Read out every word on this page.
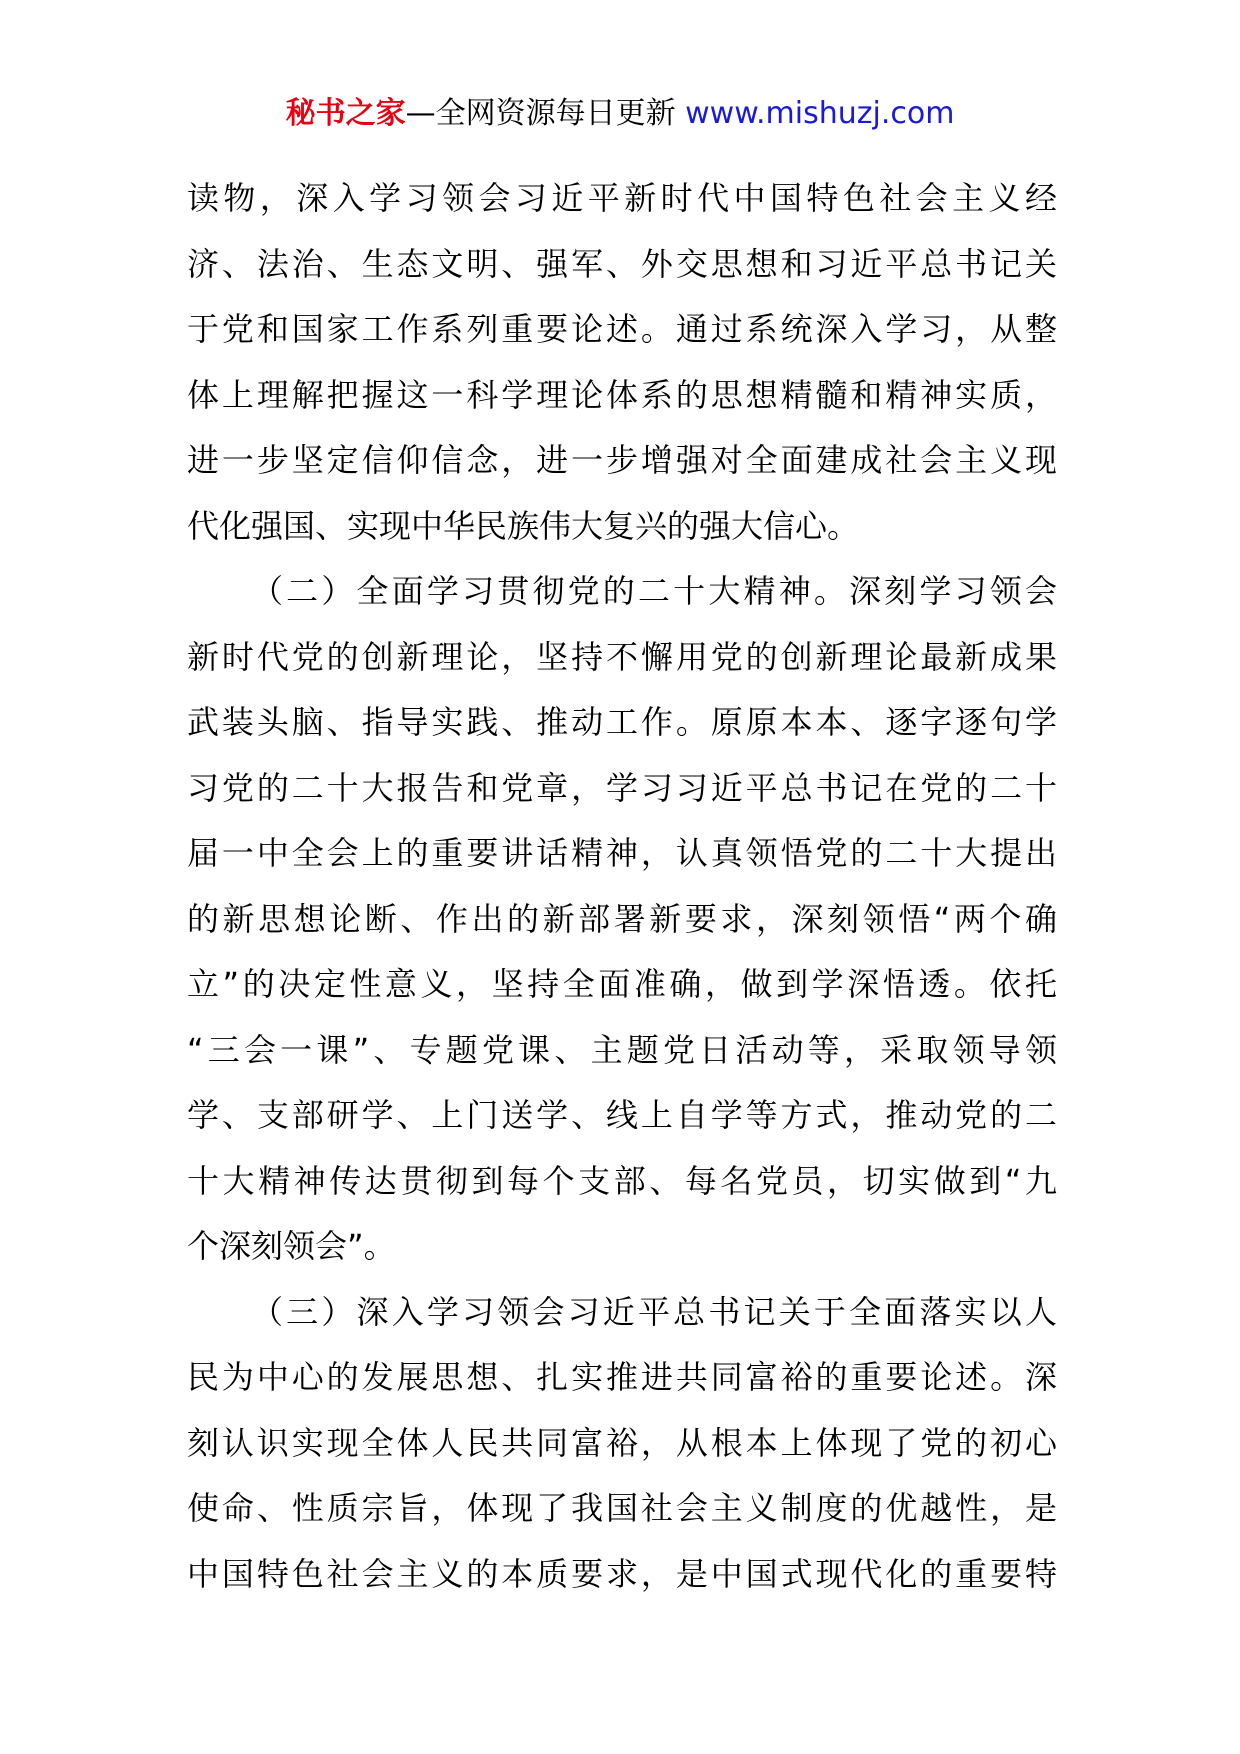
秘书之家—全网资源每日更新 www.mishuzj.com
读物，深入学习领会习近平新时代中国特色社会主义经
济、法治、生态文明、强军、外交思想和习近平总书记关
于党和国家工作系列重要论述。通过系统深入学习，从整
体上理解把握这一科学理论体系的思想精髓和精神实质，
进一步坚定信仰信念，进一步增强对全面建成社会主义现
代化强国、实现中华民族伟大复兴的强大信心。
（二）全面学习贯彻党的二十大精神。深刻学习领会
新时代党的创新理论，坚持不懈用党的创新理论最新成果
武装头脑、指导实践、推动工作。原原本本、逐字逐句学
习党的二十大报告和党章，学习习近平总书记在党的二十
届一中全会上的重要讲话精神，认真领悟党的二十大提出
的新思想论断、作出的新部署新要求，深刻领悟“两个确
立”的决定性意义，坚持全面准确，做到学深悟透。依托
“三会一课”、专题党课、主题党日活动等，采取领导领
学、支部研学、上门送学、线上自学等方式，推动党的二
十大精神传达贯彻到每个支部、每名党员，切实做到“九
个深刻领会”。
（三）深入学习领会习近平总书记关于全面落实以人
民为中心的发展思想、扎实推进共同富裕的重要论述。深
刻认识实现全体人民共同富裕，从根本上体现了党的初心
使命、性质宗旨，体现了我国社会主义制度的优越性，是
中国特色社会主义的本质要求，是中国式现代化的重要特
